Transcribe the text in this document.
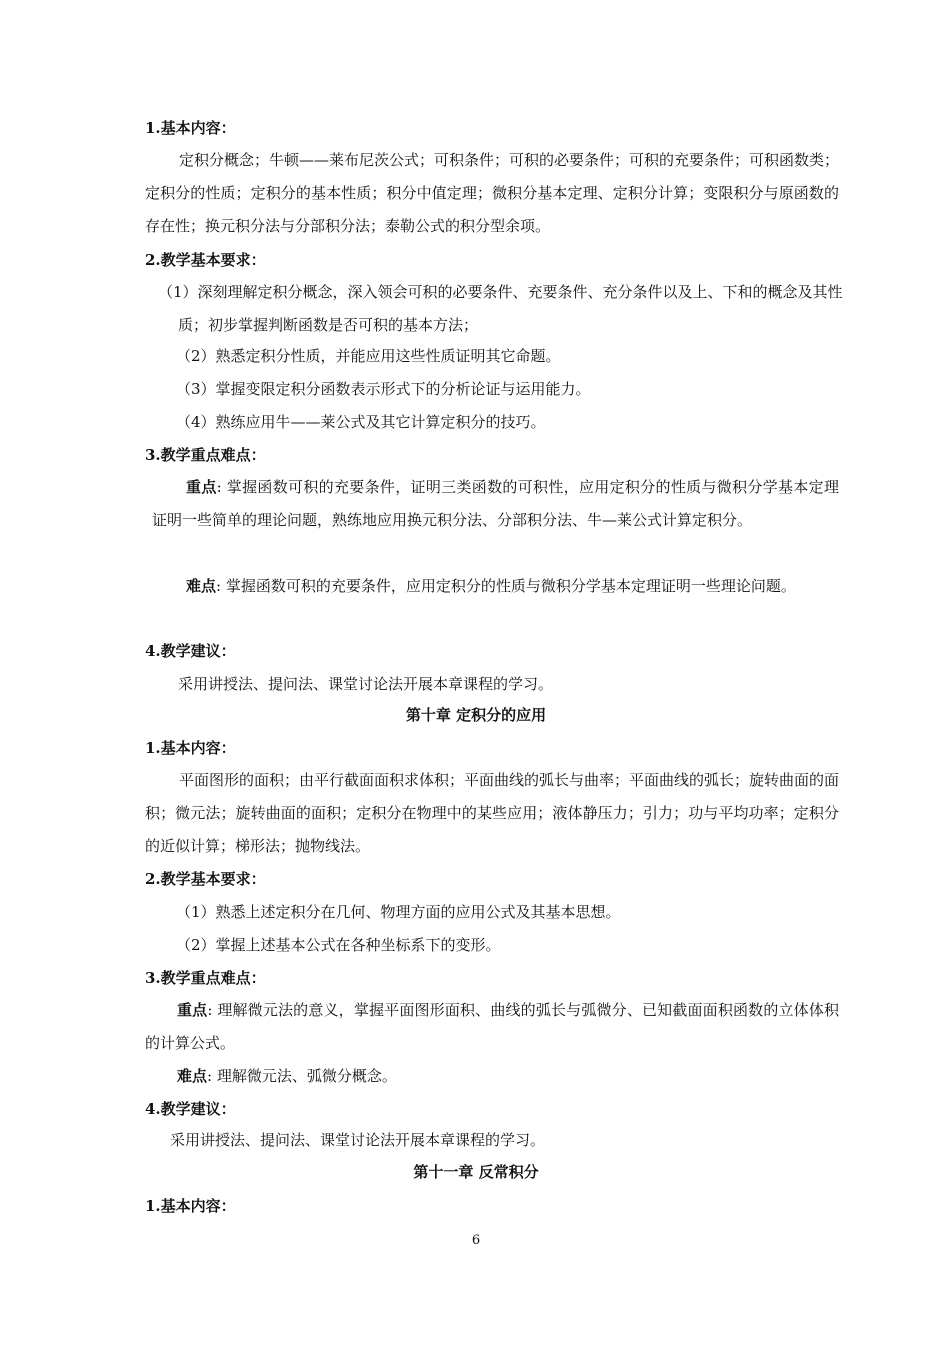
1.基本内容：

定积分概念；牛顿——莱布尼茨公式；可积条件；可积的必要条件；可积的充要条件；可积函数类；定积分的性质；定积分的基本性质；积分中值定理；微积分基本定理、定积分计算；变限积分与原函数的存在性；换元积分法与分部积分法；泰勒公式的积分型余项。

2.教学基本要求：

（1）深刻理解定积分概念，深入领会可积的必要条件、充要条件、充分条件以及上、下和的概念及其性质；初步掌握判断函数是否可积的基本方法；

（2）熟悉定积分性质，并能应用这些性质证明其它命题。
（3）掌握变限定积分函数表示形式下的分析论证与运用能力。
（4）熟练应用牛——莱公式及其它计算定积分的技巧。
3.教学重点难点：

重点: 掌握函数可积的充要条件，证明三类函数的可积性，应用定积分的性质与微积分学基本定理证明一些简单的理论问题，熟练地应用换元积分法、分部积分法、牛—莱公式计算定积分。

难点: 掌握函数可积的充要条件，应用定积分的性质与微积分学基本定理证明一些理论问题。

4.教学建议：
采用讲授法、提问法、课堂讨论法开展本章课程的学习。
第十章 定积分的应用
1.基本内容：

平面图形的面积；由平行截面面积求体积；平面曲线的弧长与曲率；平面曲线的弧长；旋转曲面的面积；微元法；旋转曲面的面积；定积分在物理中的某些应用；液体静压力；引力；功与平均功率；定积分的近似计算；梯形法；抛物线法。

2.教学基本要求：
（1）熟悉上述定积分在几何、物理方面的应用公式及其基本思想。
（2）掌握上述基本公式在各种坐标系下的变形。
3.教学重点难点：

重点: 理解微元法的意义，掌握平面图形面积、曲线的弧长与弧微分、已知截面面积函数的立体体积的计算公式。

难点: 理解微元法、弧微分概念。
4.教学建议：
采用讲授法、提问法、课堂讨论法开展本章课程的学习。
第十一章 反常积分
1.基本内容：
6
